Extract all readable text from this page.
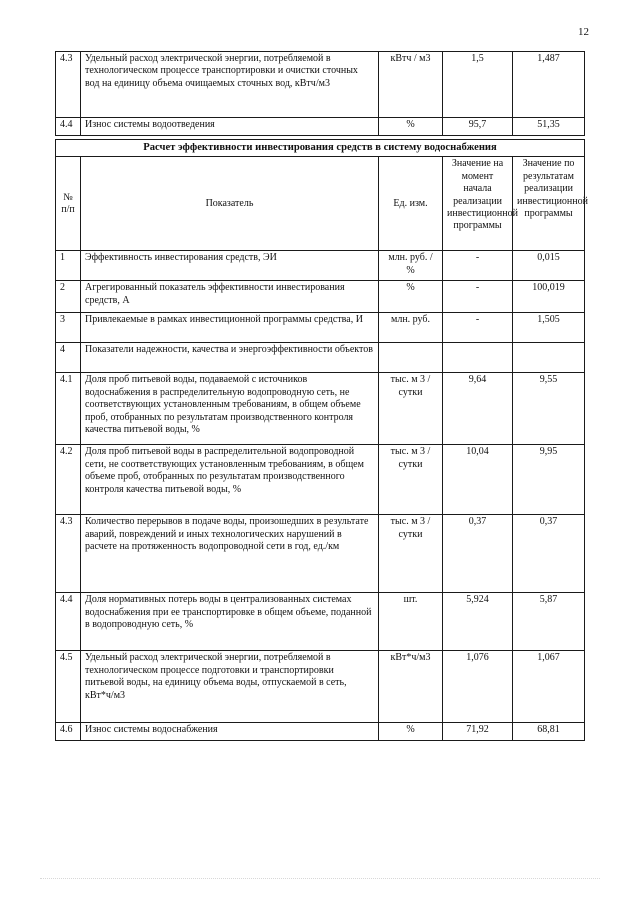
12
4.3	Удельный расход электрической энергии, потребляемой в технологическом процессе транспортировки и очистки сточных вод на единицу объема очищаемых сточных вод, кВтч/м3	кВтч / м3	1,5	1,487
4.4	Износ системы водоотведения	%	95,7	51,35
Расчет эффективности инвестирования средств в систему водоснабжения				
№ п/п	Показатель	Ед. изм.	Значение на момент начала реализации инвестиционной программы	Значение по результатам реализации инвестиционной программы
1	Эффективность инвестирования средств, ЭИ	млн. руб. / %	-	0,015
2	Агрегированный показатель эффективности инвестирования средств, А	%	-	100,019
3	Привлекаемые в рамках инвестиционной программы средства, И	млн. руб.	-	1,505
4	Показатели надежности, качества и энергоэффективности объектов			
4.1	Доля проб питьевой воды, подаваемой с источников водоснабжения в распределительную водопроводную сеть, не соответствующих установленным требованиям, в общем объеме проб, отобранных по результатам производственного контроля качества питьевой воды, %	тыс. м 3 /сутки	9,64	9,55
4.2	Доля проб питьевой воды в распределительной водопроводной сети, не соответствующих установленным требованиям, в общем объеме проб, отобранных по результатам производственного контроля качества питьевой воды, %	тыс. м 3 /сутки	10,04	9,95
4.3	Количество перерывов в подаче воды, произошедших в результате аварий, повреждений и иных технологических нарушений в расчете на протяженность водопроводной сети в год, ед./км	тыс. м 3 /сутки	0,37	0,37
4.4	Доля нормативных потерь воды в централизованных системах водоснабжения при ее транспортировке в общем объеме, поданной в водопроводную сеть, %	шт.	5,924	5,87
4.5	Удельный расход электрической энергии, потребляемой в технологическом процессе подготовки и транспортировки питьевой воды, на единицу объема воды, отпускаемой в сеть, кВт*ч/м3	кВт*ч/м3	1,076	1,067
4.6	Износ системы водоснабжения	%	71,92	68,81
